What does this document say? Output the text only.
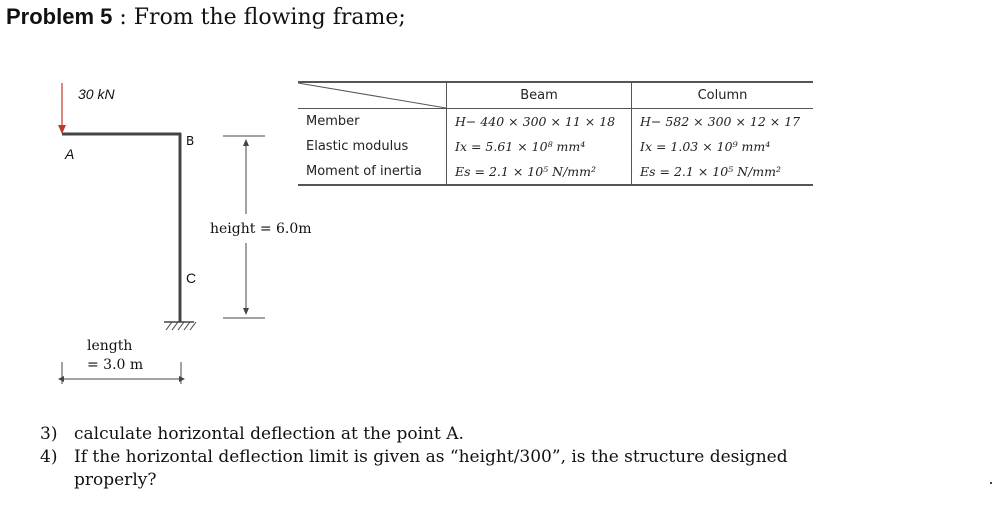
Problem 5 : From the flowing frame;
30 kN
A
B
C
height = 6.0m
length
= 3.0 m
	Beam	Column
Member	H− 440 × 300 × 11 × 18	H− 582 × 300 × 12 × 17
Elastic modulus	Ix = 5.61 × 10⁸ mm⁴	Ix = 1.03 × 10⁹ mm⁴
Moment of inertia	Es = 2.1 × 10⁵ N/mm²	Es = 2.1 × 10⁵ N/mm²
3) calculate horizontal deflection at the point A.
4) If the horizontal deflection limit is given as “height/300”, is the structure designed properly?
